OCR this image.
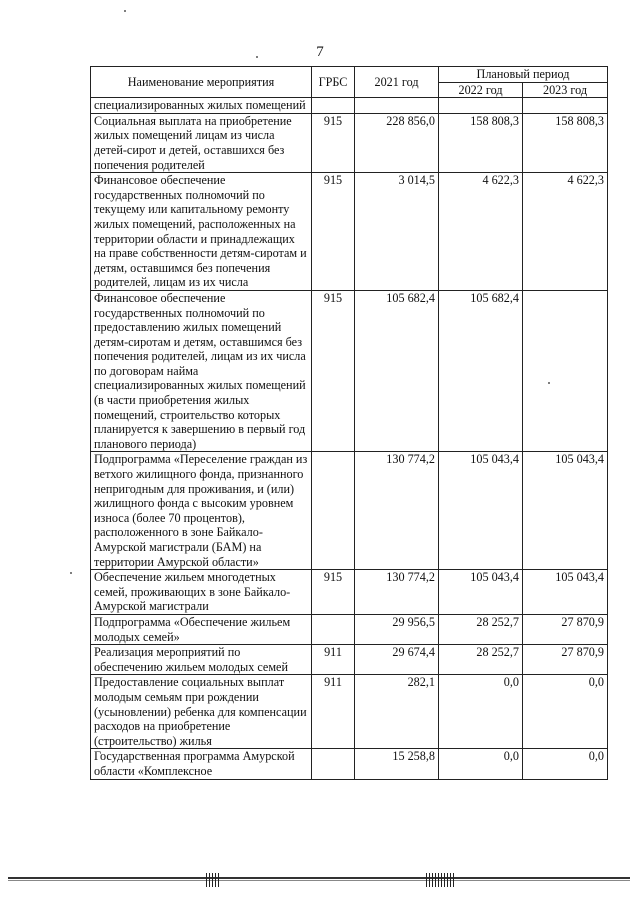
7
Наименование мероприятия	ГРБС	2021 год	Плановый период	
			2022 год	2023 год
специализированных жилых помещений				
Социальная выплата на приобретение жилых помещений лицам из числа детей-сирот и детей, оставшихся без попечения родителей	915	228 856,0	158 808,3	158 808,3
Финансовое обеспечение государственных полномочий по текущему или капитальному ремонту жилых помещений, расположенных на территории области и принадлежащих на праве собственности детям-сиротам и детям, оставшимся без попечения родителей, лицам из их числа	915	3 014,5	4 622,3	4 622,3
Финансовое обеспечение государственных полномочий по предоставлению жилых помещений детям-сиротам и детям, оставшимся без попечения родителей, лицам из их числа по договорам найма специализированных жилых помещений (в части приобретения жилых помещений, строительство которых планируется к завершению в первый год планового периода)	915	105 682,4	105 682,4	
Подпрограмма «Переселение граждан из ветхого жилищного фонда, признанного непригодным для проживания, и (или) жилищного фонда с высоким уровнем износа (более 70 процентов), расположенного в зоне Байкало-Амурской магистрали (БАМ) на территории Амурской области»		130 774,2	105 043,4	105 043,4
Обеспечение жильем многодетных семей, проживающих в зоне Байкало-Амурской магистрали	915	130 774,2	105 043,4	105 043,4
Подпрограмма «Обеспечение жильем молодых семей»		29 956,5	28 252,7	27 870,9
Реализация мероприятий по обеспечению жильем молодых семей	911	29 674,4	28 252,7	27 870,9
Предоставление социальных выплат молодым семьям при рождении (усыновлении) ребенка для компенсации расходов на приобретение (строительство) жилья	911	282,1	0,0	0,0
Государственная программа Амурской области «Комплексное		15 258,8	0,0	0,0
